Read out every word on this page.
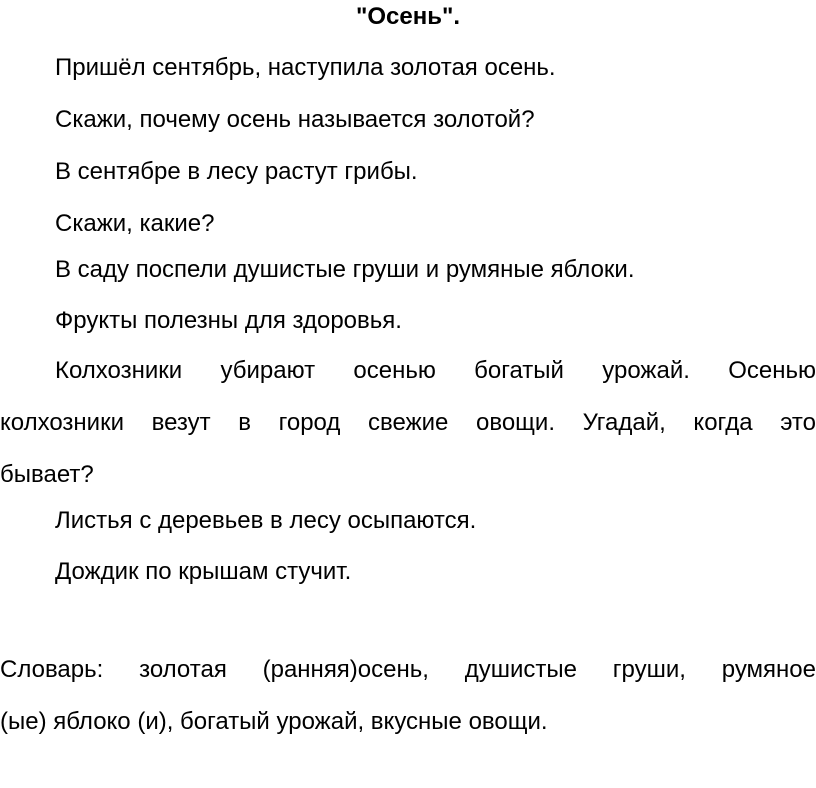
"Осень".
Пришёл сентябрь, наступила золотая осень.
Скажи, почему осень называется золотой?
В сентябре в лесу растут грибы.
Скажи, какие?
В саду поспели душистые груши и румяные яблоки.
Фрукты полезны для здоровья.
Колхозники убирают осенью богатый урожай. Осенью
колхозники везут в город свежие овощи. Угадай, когда это
бывает?
Листья с деревьев в лесу осыпаются.
Дождик по крышам стучит.
Словарь: золотая (ранняя)осень, душистые груши, румяное
(ые) яблоко (и), богатый урожай, вкусные овощи.
